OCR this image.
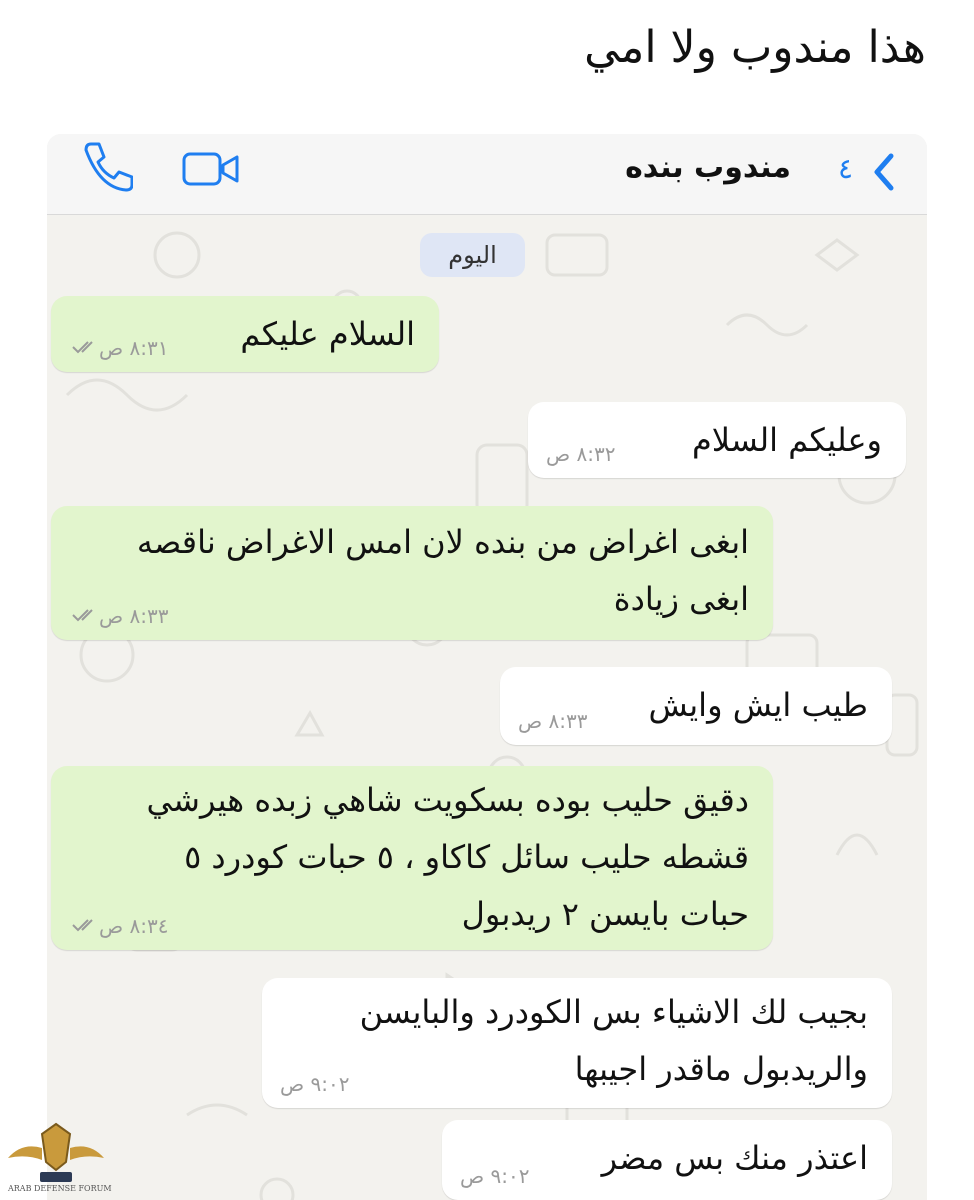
هذا مندوب ولا امي
٤
مندوب بنده
اليوم
السلام عليكم
٨:٣١ ص
وعليكم السلام
٨:٣٢ ص
ابغى اغراض من بنده لان امس الاغراض ناقصه
ابغى زيادة
٨:٣٣ ص
طيب ايش وايش
٨:٣٣ ص
دقيق حليب بوده بسكويت شاهي زبده هيرشي
قشطه حليب سائل كاكاو ، ٥ حبات كودرد ٥
حبات بايسن ٢ ريدبول
٨:٣٤ ص
بجيب لك الاشياء بس الكودرد والبايسن
والريدبول ماقدر اجيبها
٩:٠٢ ص
اعتذر منك بس مضر
٩:٠٢ ص
ARAB DEFENSE FORUM
